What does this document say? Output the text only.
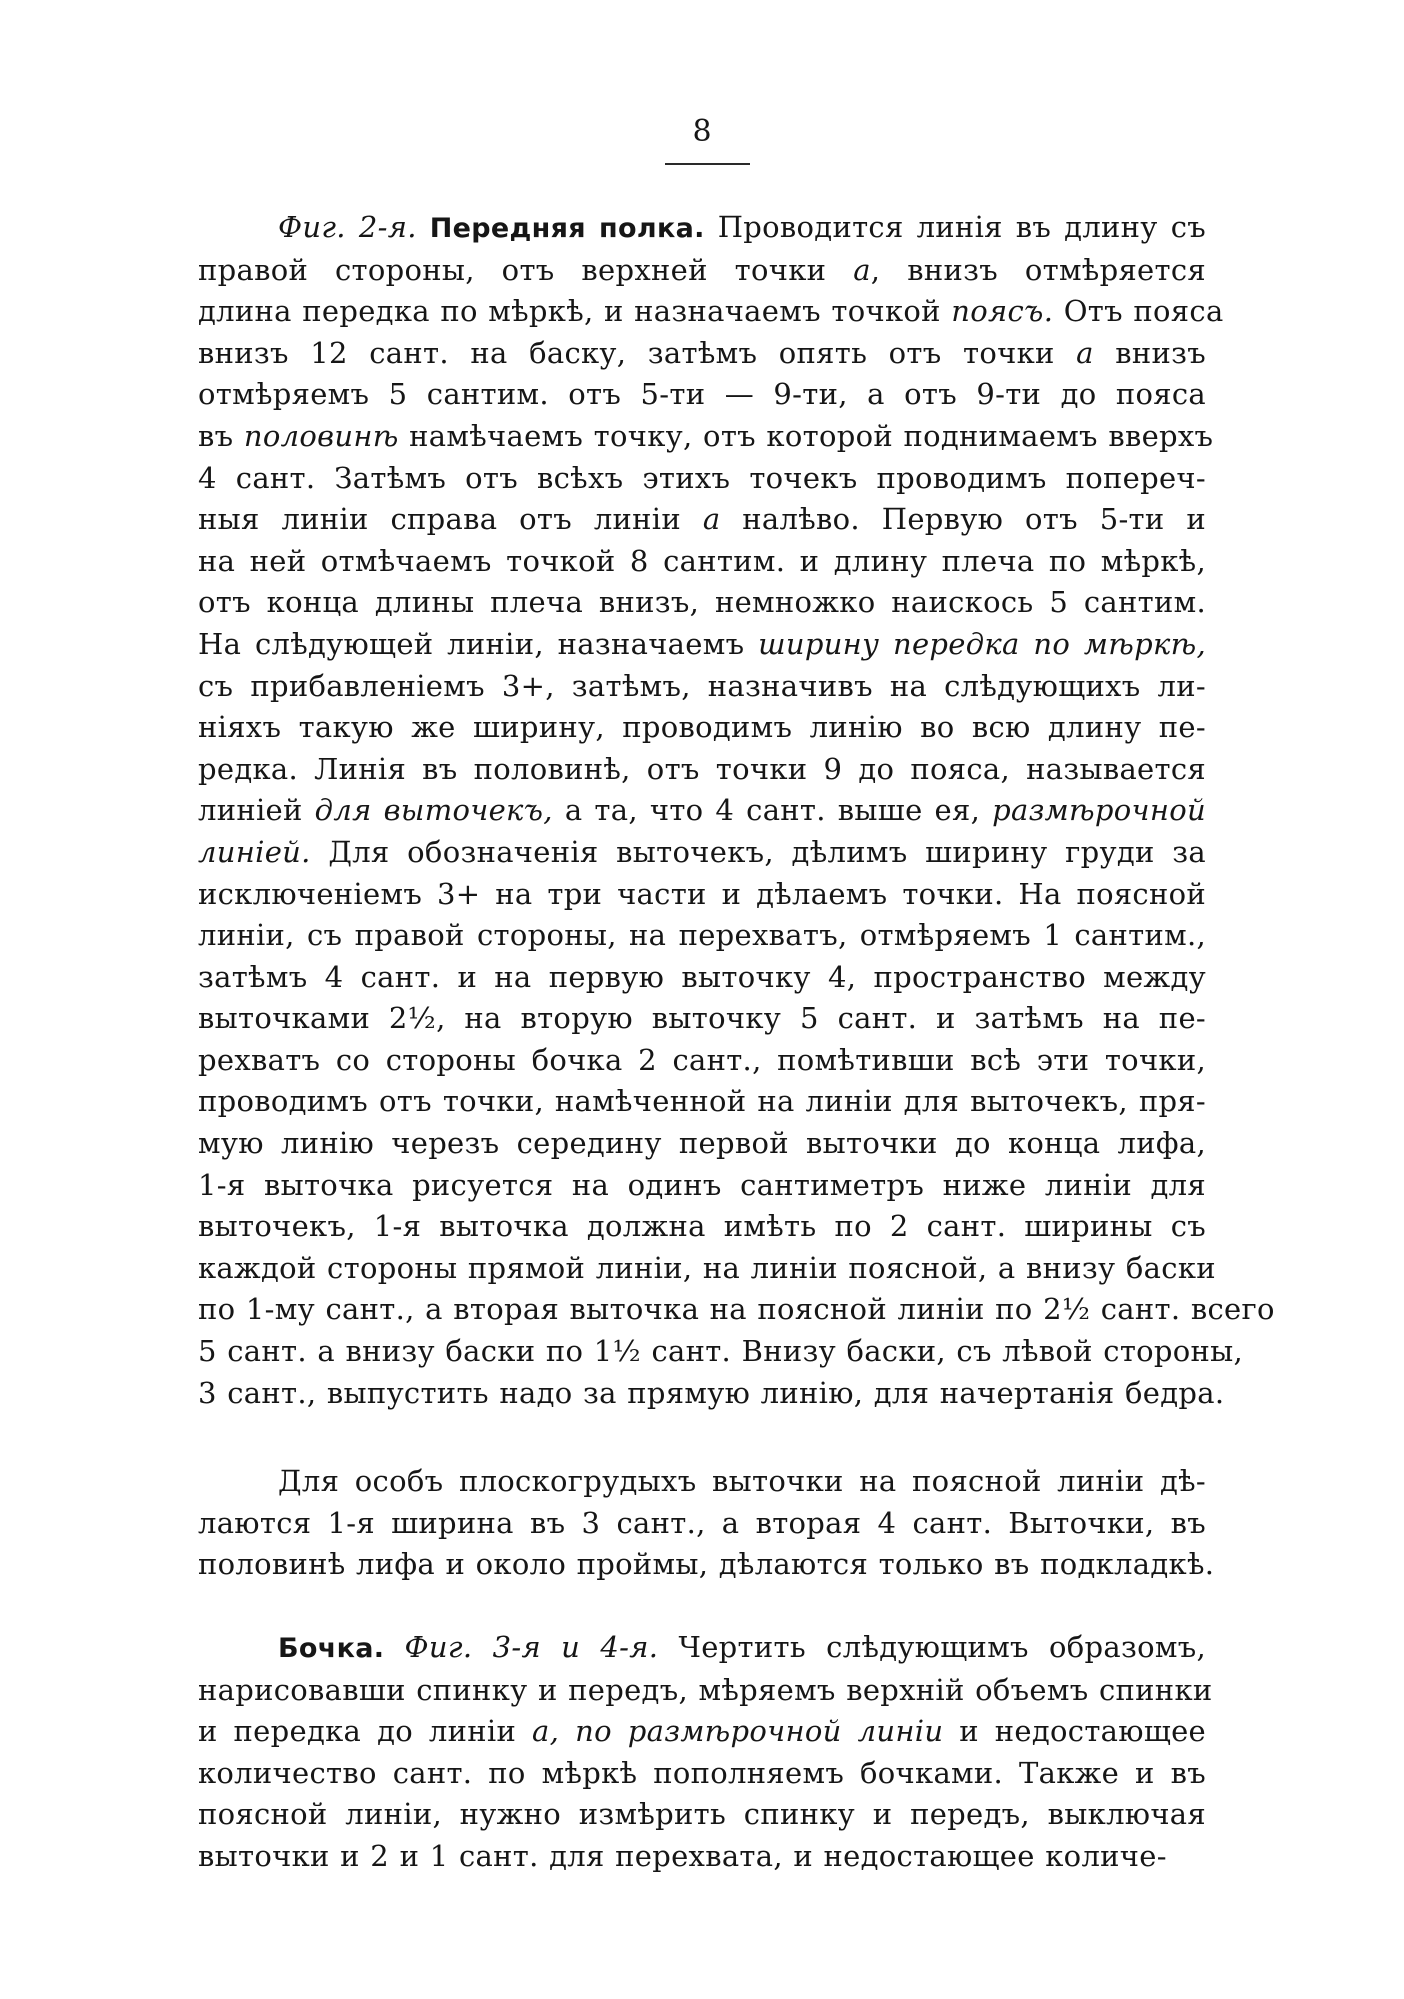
8
Фиг. 2-я. Передняя полка. Проводится линія въ длину съ
правой стороны, отъ верхней точки a, внизъ отмѣряется
длина передка по мѣркѣ, и назначаемъ точкой поясъ. Отъ пояса
внизъ 12 сант. на баску, затѣмъ опять отъ точки a внизъ
отмѣряемъ 5 сантим. отъ 5-ти — 9-ти, а отъ 9-ти до пояса
въ половинѣ намѣчаемъ точку, отъ которой поднимаемъ вверхъ
4 сант. Затѣмъ отъ всѣхъ этихъ точекъ проводимъ попереч-
ныя линіи справа отъ линіи a налѣво. Первую отъ 5-ти и
на ней отмѣчаемъ точкой 8 сантим. и длину плеча по мѣркѣ,
отъ конца длины плеча внизъ, немножко наискось 5 сантим.
На слѣдующей линіи, назначаемъ ширину передка по мѣркѣ,
съ прибавленіемъ 3+, затѣмъ, назначивъ на слѣдующихъ ли-
ніяхъ такую же ширину, проводимъ линію во всю длину пе-
редка. Линія въ половинѣ, отъ точки 9 до пояса, называется
линіей для выточекъ, а та, что 4 сант. выше ея, размѣрочной
линіей. Для обозначенія выточекъ, дѣлимъ ширину груди за
исключеніемъ 3+ на три части и дѣлаемъ точки. На поясной
линіи, съ правой стороны, на перехватъ, отмѣряемъ 1 сантим.,
затѣмъ 4 сант. и на первую выточку 4, пространство между
выточками 2½, на вторую выточку 5 сант. и затѣмъ на пе-
рехватъ со стороны бочка 2 сант., помѣтивши всѣ эти точки,
проводимъ отъ точки, намѣченной на линіи для выточекъ, пря-
мую линію черезъ середину первой выточки до конца лифа,
1-я выточка рисуется на одинъ сантиметръ ниже линіи для
выточекъ, 1-я выточка должна имѣть по 2 сант. ширины съ
каждой стороны прямой линіи, на линіи поясной, а внизу баски
по 1-му сант., а вторая выточка на поясной линіи по 2½ сант. всего
5 сант. а внизу баски по 1½ сант. Внизу баски, съ лѣвой стороны,
3 сант., выпустить надо за прямую линію, для начертанія бедра.
Для особъ плоскогрудыхъ выточки на поясной линіи дѣ-
лаются 1-я ширина въ 3 сант., а вторая 4 сант. Выточки, въ
половинѣ лифа и около проймы, дѣлаются только въ подкладкѣ.
Бочка. Фиг. 3-я и 4-я. Чертить слѣдующимъ образомъ,
нарисовавши спинку и передъ, мѣряемъ верхній объемъ спинки
и передка до линіи a, по размѣрочной линіи и недостающее
количество сант. по мѣркѣ пополняемъ бочками. Также и въ
поясной линіи, нужно измѣрить спинку и передъ, выключая
выточки и 2 и 1 сант. для перехвата, и недостающее количе-
